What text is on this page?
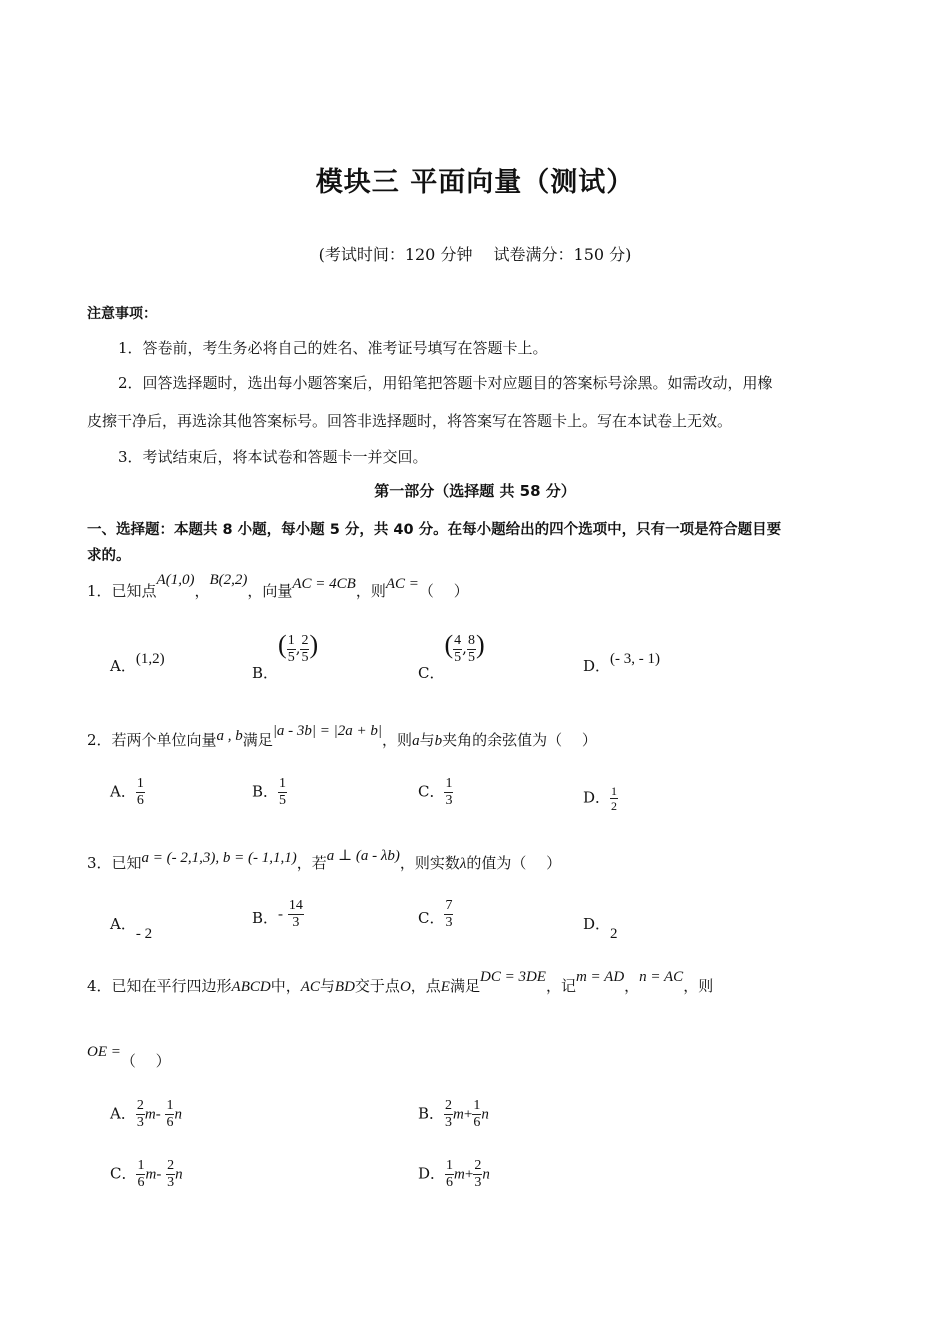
模块三 平面向量（测试）
(考试时间：120 分钟　 试卷满分：150 分)
注意事项：
1．答卷前，考生务必将自己的姓名、准考证号填写在答题卡上。
2．回答选择题时，选出每小题答案后，用铅笔把答题卡对应题目的答案标号涂黑。如需改动，用橡
皮擦干净后，再选涂其他答案标号。回答非选择题时，将答案写在答题卡上。写在本试卷上无效。
3．考试结束后，将本试卷和答题卡一并交回。
第一部分（选择题 共 58 分）
一、选择题：本题共 8 小题，每小题 5 分，共 40 分。在每小题给出的四个选项中，只有一项是符合题目要
求的。
1．已知点A(1,0)，B(2,2)，向量AC = 4CB，则AC =（　 ）
A．(1,2)
B．( $\frac{1}{5}$ , $\frac{2}{5}$ )
C．( $\frac{4}{5}$ , $\frac{8}{5}$ )
D．(- 3, - 1)
2．若两个单位向量a , b满足|a - 3b| = |2a + b|，则a与b夹角的余弦值为（　 ）
A． $\frac{1}{6}$	B． $\frac{1}{5}$	C． $\frac{1}{3}$	D． $\frac{1}{2}$
3．已知a = (- 2,1,3), b = (- 1,1,1)，若a ⊥ (a - λb)，则实数λ的值为（　 ）
A．- 2
B．- $\frac{14}{3}$	C． $\frac{7}{3}$	D．2
4．已知在平行四边形ABCD中，AC与BD交于点O，点E满足DC = 3DE，记m = AD，n = AC，则
OE =（　 ）
A． $\frac{2}{3} m- \frac{1}{6}$ n	B． $\frac{2}{3} m+ \frac{1}{6}$ n
C． $\frac{1}{6} m- \frac{2}{3}$ n	D． $\frac{1}{6} m+ \frac{2}{3}$ n
